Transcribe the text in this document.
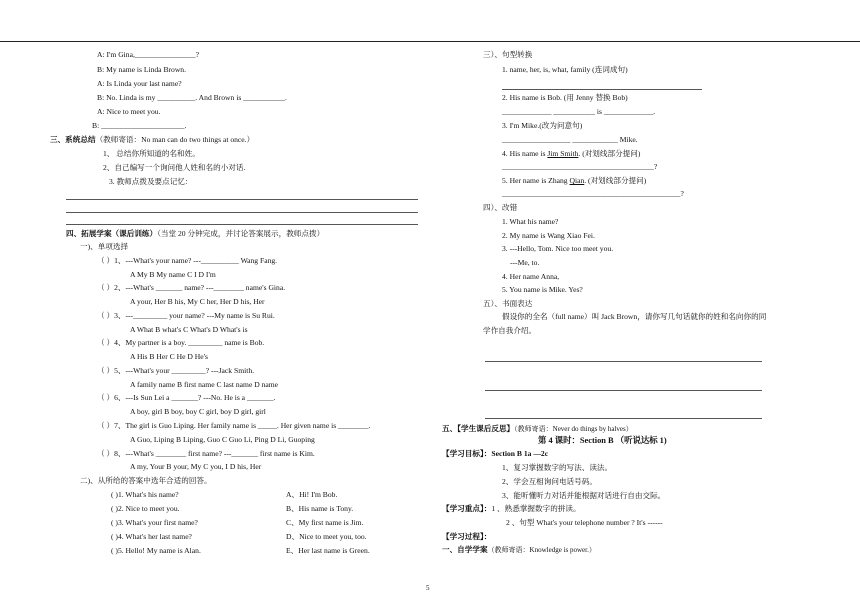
A: I'm Gina,________________?
B: My name is Linda Brown.
A: Is Linda your last name?
B: No. Linda is my __________. And Brown is ___________.
A: Nice to meet you.
B: ______________________.
三、系统总结（教师寄语：No man can do two things at once.）
1、 总结你所知道的名和姓。
2、自己编写一个询问他人姓和名的小对话.
3. 教师点拨及要点记忆：
四、拓展学案（课后训练）（当堂 20 分钟完成，并讨论答案展示，教师点拨）
一)、单项选择
（ ）1、---What's your name? ---__________ Wang Fang.
A My B My name C I D I'm
（ ）2、---What's _______ name? ---________ name's Gina.
A your, Her B his, My C her, Her D his, Her
（ ）3、---_________ your name? ---My name is Su Rui.
A What B what's C What's D What's is
（ ）4、My partner is a boy. _________ name is Bob.
A His B Her C He D He's
（ ）5、---What's your _________? ---Jack Smith.
A family name B first name C last name D name
（ ）6、---Is Sun Lei a _______? ---No. He is a _______.
A boy, girl B boy, boy C girl, boy D girl, girl
（ ）7、The girl is Guo Liping. Her family name is _____. Her given name is ________.
A Guo, Liping B Liping, Guo C Guo Li, Ping D Li, Guoping
（ ）8、---What's ________ first name? ---_______ first name is Kim.
A my, Your B your, My C you, I D his, Her
二)、从所给的答案中选年合适的回答。
( )1. What's his name?	A、Hi! I'm Bob.
( )2. Nice to meet you.	B、His name is Tony.
( )3. What's your first name?	C、My first name is Jim.
( )4. What's her last name?	D、Nice to meet you, too.
( )5. Hello! My name is Alan.	E、Her last name is Green.
三）、句型转换
1. name, her, is, what, family (连词成句)
2. His name is Bob. (用 Jenny 替换 Bob)
_____________ ___________ is _____________.
3. I'm Mike.(改为问意句)
__________________ ____________ Mike.
4. His name is Jim Smith. (对划线部分提问)
________________________________________?
5. Her name is Zhang Qian. (对划线部分提问)
_______________________________________________?
四）、改错
1. What his name?
2. My name is Wang Xiao Fei.
3. ---Hello, Tom. Nice too meet you.
---Me, to.
4. Her name Anna,
5. You name is Mike. Yes?
五）、书面表达
假设你的全名（full name）叫 Jack Brown，请你写几句话就你的姓和名向你的同
学作自我介绍。
五、【学生课后反思】（教师寄语：Never do things by halves）
第 4 课时：Section B （听说达标 1)
【学习目标】：Section B 1a —2c
1、复习掌握数字的写法、读法。
2、学会互相询问电话号码。
3、能听懂听力对话并能根据对话进行自由交际。
【学习重点】：1 、熟悉掌握数字的拼读。
2 、句型 What's your telephone number ? It's ------
【学习过程】：
一、自学学案（教师寄语：Knowledge is power.）
5
